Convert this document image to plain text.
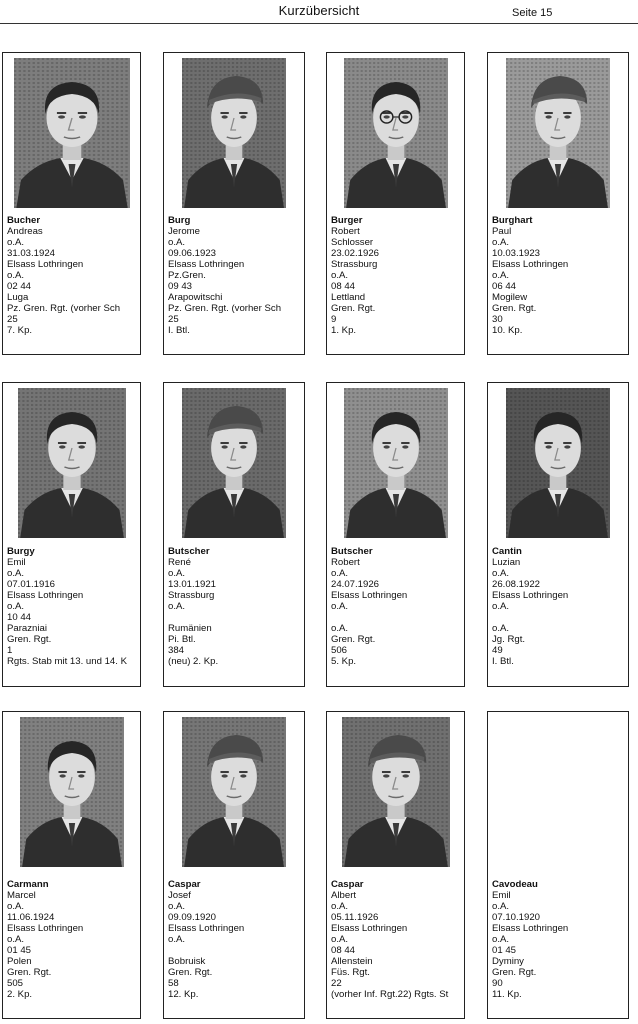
Kurzübersicht	Seite 15
Bucher
Andreas
o.A.
31.03.1924
Elsass Lothringen
o.A.
02 44
Luga
Pz. Gren. Rgt. (vorher Sch
25
7. Kp.
Burg
Jerome
o.A.
09.06.1923
Elsass Lothringen
Pz.Gren.
09 43
Arapowitschi
Pz. Gren. Rgt. (vorher Sch
25
I. Btl.
Burger
Robert
Schlosser
23.02.1926
Strassburg
o.A.
08 44
Lettland
Gren. Rgt.
9
1. Kp.
Burghart
Paul
o.A.
10.03.1923
Elsass Lothringen
o.A.
06 44
Mogilew
Gren. Rgt.
30
10. Kp.
Burgy
Emil
o.A.
07.01.1916
Elsass Lothringen
o.A.
10 44
Parazniai
Gren. Rgt.
1
Rgts. Stab mit 13. und 14. K
Butscher
René
o.A.
13.01.1921
Strassburg
o.A.
Rumänien
Pi. Btl.
384
(neu) 2. Kp.
Butscher
Robert
o.A.
24.07.1926
Elsass Lothringen
o.A.
o.A.
Gren. Rgt.
506
5. Kp.
Cantin
Luzian
o.A.
26.08.1922
Elsass Lothringen
o.A.
o.A.
Jg. Rgt.
49
I. Btl.
Carmann
Marcel
o.A.
11.06.1924
Elsass Lothringen
o.A.
01 45
Polen
Gren. Rgt.
505
2. Kp.
Caspar
Josef
o.A.
09.09.1920
Elsass Lothringen
o.A.
Bobruisk
Gren. Rgt.
58
12. Kp.
Caspar
Albert
o.A.
05.11.1926
Elsass Lothringen
o.A.
08 44
Allenstein
Füs. Rgt.
22
(vorher Inf. Rgt.22) Rgts. St
Cavodeau
Emil
o.A.
07.10.1920
Elsass Lothringen
o.A.
01 45
Dyminy
Gren. Rgt.
90
11. Kp.
